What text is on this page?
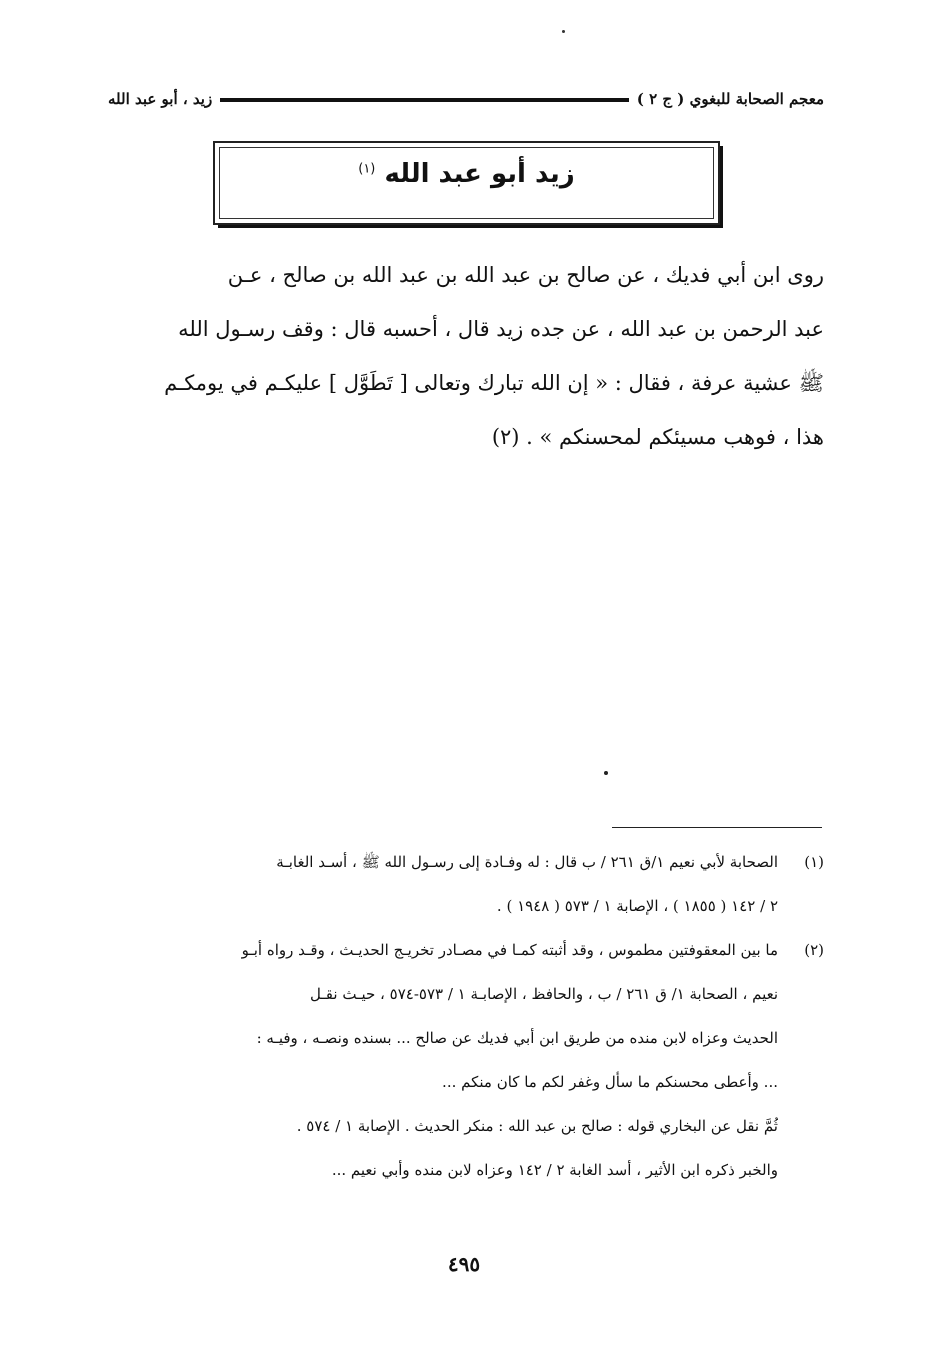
معجم الصحابة للبغوي ( ج ٢ )
زيد ، أبو عبد الله
زيد أبو عبد الله $^{(١)}$
روى ابن أبي فديك ، عن صالح بن عبد الله بن عبد الله بن صالح ، عـن
عبد الرحمن بن عبد الله ، عن جده زيد قال ، أحسبه قال : وقف رسـول الله
ﷺ عشية عرفة ، فقال : « إن الله تبارك وتعالى [ تَطَوَّل ] عليكـم في يومكـم
هذا ، فوهب مسيئكم لمحسنكم » . (٢)
(١)
الصحابة لأبي نعيم ١/ق ٢٦١ / ب قال : له وفـادة إلى رسـول الله ﷺ ، أسـد الغابـة
٢ / ١٤٢ ( ١٨٥٥ ) ، الإصابة ١ / ٥٧٣ ( ١٩٤٨ ) .
(٢)
ما بين المعقوفتين مطموس ، وقد أثبته كمـا في مصـادر تخريـج الحديـث ، وقـد رواه أبـو
نعيم ، الصحابة ١/ ق ٢٦١ / ب ، والحافظ ، الإصابـة ١ / ٥٧٣-٥٧٤ ، حيـث نقـل
الحديث وعزاه لابن منده من طريق ابن أبي فديك عن صالح ... بسنده ونصـه ، وفيـه :
... وأعطى محسنكم ما سأل وغفر لكم ما كان منكم ...
ثُمَّ نقل عن البخاري قوله : صالح بن عبد الله : منكر الحديث . الإصابة ١ / ٥٧٤ .
والخبر ذكره ابن الأثير ، أسد الغابة ٢ / ١٤٢ وعزاه لابن منده وأبي نعيم ...
٤٩٥
